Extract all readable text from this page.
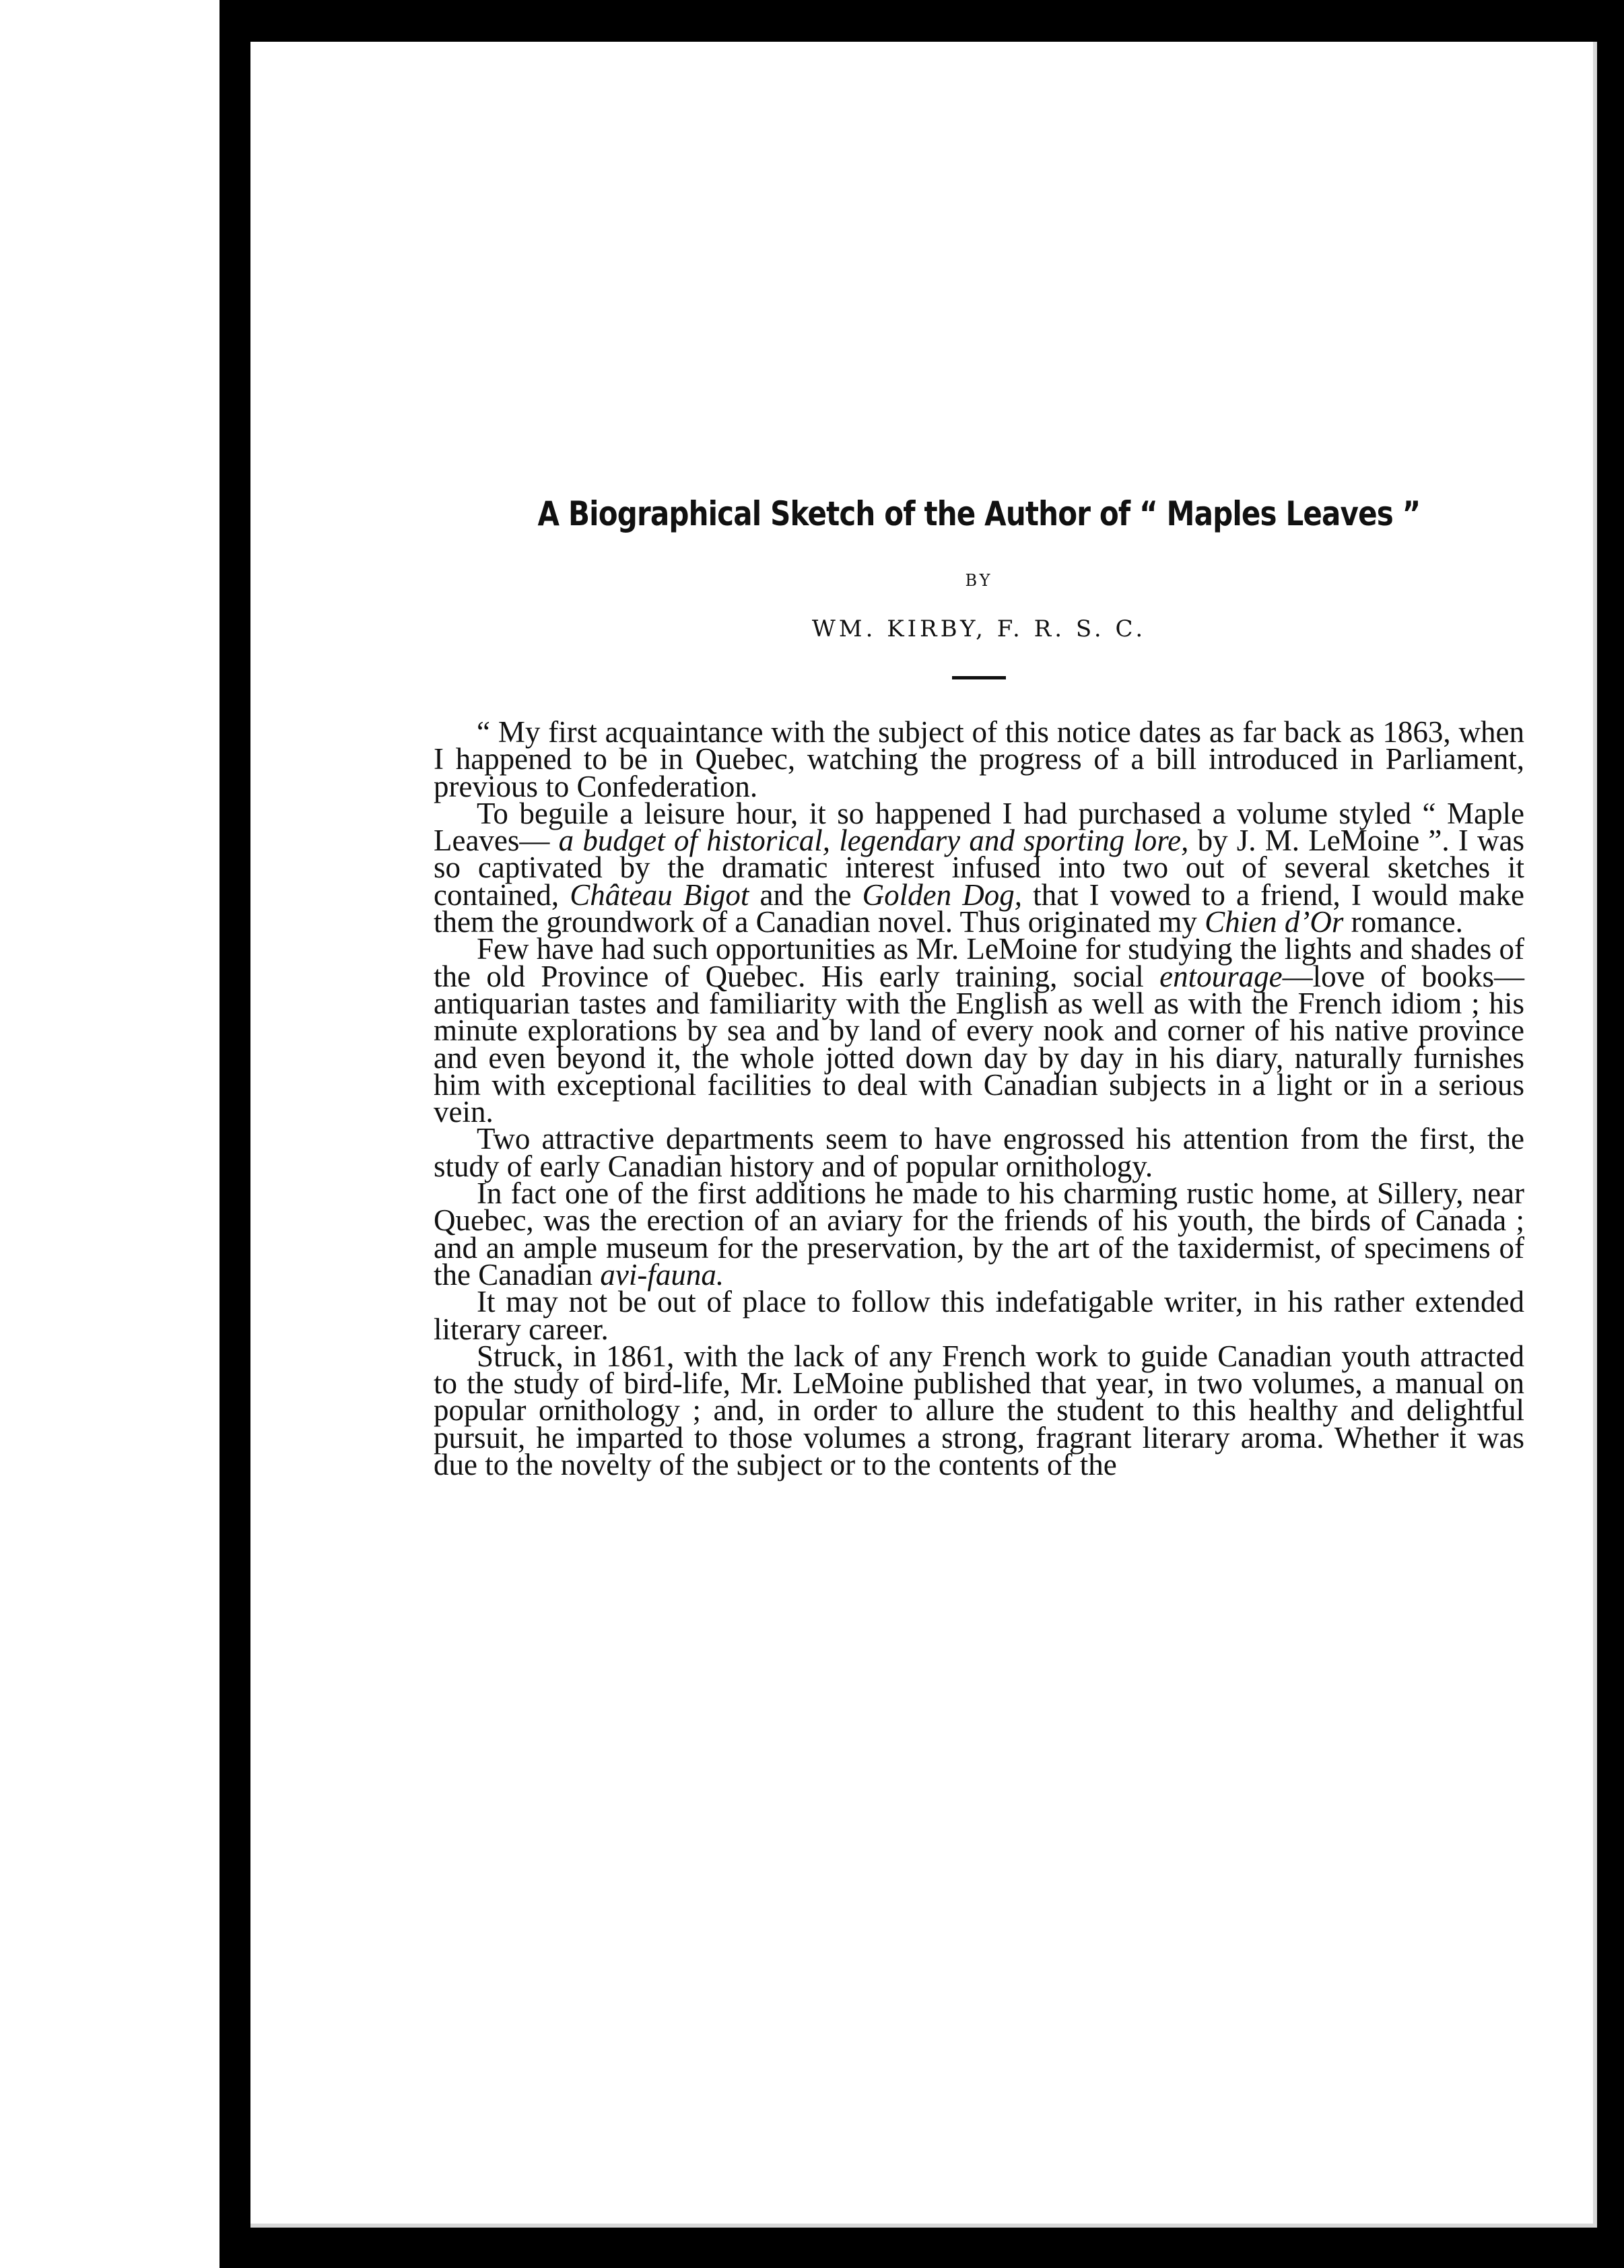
A Biographical Sketch of the Author of “ Maples Leaves ”
BY
WM. KIRBY, F. R. S. C.

“ My first acquaintance with the subject of this notice dates as far back as 1863, when I happened to be in Quebec, watching the progress of a bill introduced in Parliament, previous to Confederation.

To beguile a leisure hour, it so happened I had purchased a volume styled “ Maple Leaves— a budget of historical, legendary and sporting lore, by J. M. LeMoine ”. I was so captivated by the dramatic interest infused into two out of several sketches it contained, Château Bigot and the Golden Dog, that I vowed to a friend, I would make them the groundwork of a Canadian novel. Thus originated my Chien d’Or romance.

Few have had such opportunities as Mr. LeMoine for studying the lights and shades of the old Province of Quebec. His early training, social entourage—love of books— antiquarian tastes and familiarity with the English as well as with the French idiom ; his minute explorations by sea and by land of every nook and corner of his native province and even beyond it, the whole jotted down day by day in his diary, naturally furnishes him with exceptional facilities to deal with Canadian subjects in a light or in a serious vein.

Two attractive departments seem to have engrossed his attention from the first, the study of early Canadian history and of popular ornithology.

In fact one of the first additions he made to his charming rustic home, at Sillery, near Quebec, was the erection of an aviary for the friends of his youth, the birds of Canada ; and an ample museum for the preservation, by the art of the taxidermist, of specimens of the Canadian avi-fauna.

It may not be out of place to follow this indefatigable writer, in his rather extended literary career.

Struck, in 1861, with the lack of any French work to guide Canadian youth attracted to the study of bird-life, Mr. LeMoine published that year, in two volumes, a manual on popular ornithology ; and, in order to allure the student to this healthy and delightful pursuit, he imparted to those volumes a strong, fragrant literary aroma. Whether it was due to the novelty of the subject or to the contents of the
